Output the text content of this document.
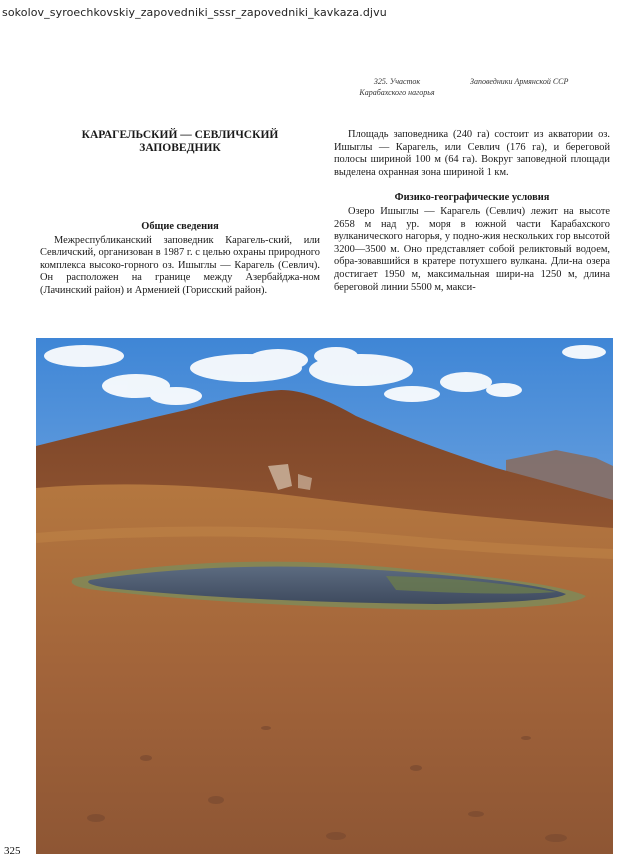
sokolov_syroechkovskiy_zapovedniki_sssr_zapovedniki_kavkaza.djvu
325. Участок
Карабахского нагорья
Заповедники Армянской ССР
КАРАГЕЛЬСКИЙ — СЕВЛИЧСКИЙ
ЗАПОВЕДНИК
Общие сведения

Межреспубликанский заповедник Карагель-ский, или Севличский, организован в 1987 г. с целью охраны природного комплекса высоко-горного оз. Ишыглы — Карагель (Севлич). Он расположен на границе между Азербайджа-ном (Лачинский район) и Арменией (Горисский район).

Площадь заповедника (240 га) состоит из акватории оз. Ишыглы — Карагель, или Севлич (176 га), и береговой полосы шириной 100 м (64 га). Вокруг заповедной площади выделена охранная зона шириной 1 км.

Физико-географические условия

Озеро Ишыглы — Карагель (Севлич) лежит на высоте 2658 м над ур. моря в южной части Карабахского вулканического нагорья, у подно-жия нескольких гор высотой 3200—3500 м. Оно представляет собой реликтовый водоем, обра-зовавшийся в кратере потухшего вулкана. Дли-на озера достигает 1950 м, максимальная шири-на 1250 м, длина береговой линии 5500 м, макси-

325
